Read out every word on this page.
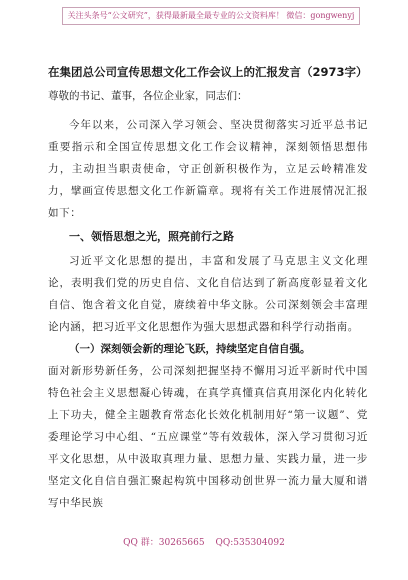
关注头条号“公文研究”，获得最新最全最专业的公文资料库！ 微信：gongwenyj

在集团总公司宣传思想文化工作会议上的汇报发言（2973字）

尊敬的书记、董事，各位企业家，同志们：

今年以来，公司深入学习领会、坚决贯彻落实习近平总书记重要指示和全国宣传思想文化工作会议精神，深刻领悟思想伟力，主动担当职责使命，守正创新积极作为，立足云岭精准发力，擘画宣传思想文化工作新篇章。现将有关工作进展情况汇报如下：

一、领悟思想之光，照亮前行之路

习近平文化思想的提出，丰富和发展了马克思主义文化理论，表明我们党的历史自信、文化自信达到了新高度彰显着文化自信、饱含着文化自觉，赓续着中华文脉。公司深刻领会丰富理论内涵，把习近平文化思想作为强大思想武器和科学行动指南。

（一）深刻领会新的理论飞跃，持续坚定自信自强。

面对新形势新任务，公司深刻把握坚持不懈用习近平新时代中国特色社会主义思想凝心铸魂，在真学真懂真信真用深化内化转化上下功夫，健全主题教育常态化长效化机制用好“第一议题”、党委理论学习中心组、“五应课堂”等有效载体，深入学习贯彻习近平文化思想，从中汲取真理力量、思想力量、实践力量，进一步坚定文化自信自强汇聚起构筑中国移动创世界一流力量大厦和谱写中华民族

QQ 群：30265665 QQ:535304092
